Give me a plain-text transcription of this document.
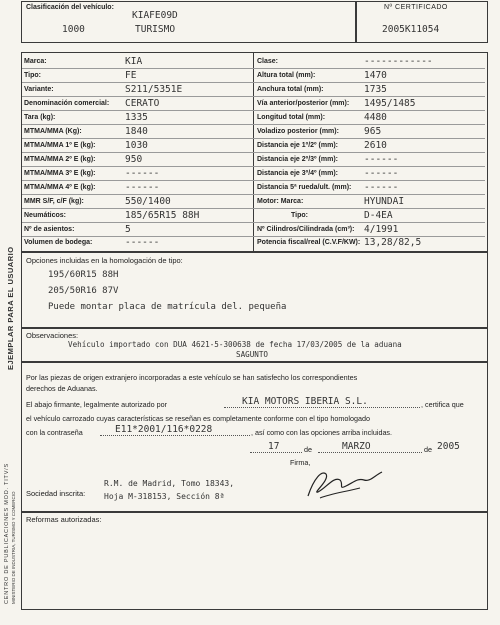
Clasificación del vehículo:
KIAFE09D
1000	TURISMO
Nº CERTIFICADO
2005K11054
Marca:	KIA
Tipo:	FE
Variante:	S211/5351E
Denominación comercial: CERATO
Tara (kg):	1335
MTMA/MMA (Kg):	1840
MTMA/MMA 1º E (kg):	1030
MTMA/MMA 2º E (kg):	950
MTMA/MMA 3º E (kg):	------
MTMA/MMA 4º E (kg):	------
MMR S/F, c/F (kg):	550/1400
Neumáticos:	185/65R15 88H
Nº de asientos:	5
Volumen de bodega:	------
Clase:	------------
Altura total (mm):	1470
Anchura total (mm):	1735
Vía anterior/posterior (mm): 1495/1485
Longitud total (mm):	4480
Voladizo posterior (mm):	965
Distancia eje 1º/2º (mm):	2610
Distancia eje 2º/3º (mm):	------
Distancia eje 3º/4º (mm):	------
Distancia 5ª rueda/ult. (mm): ------
Motor: Marca:	HYUNDAI
Tipo:	D-4EA
Nº Cilindros/Cilindrada (cm³): 4/1991
Potencia fiscal/real (C.V.F/KW): 13,28/82,5
Opciones incluidas en la homologación de tipo:
195/60R15 88H
205/50R16 87V
Puede montar placa de matrícula del. pequeña
Observaciones:
Vehículo importado con DUA 4621-5-300638 de fecha 17/03/2005 de la aduana
SAGUNTO
Por las piezas de origen extranjero incorporadas a este vehículo se han satisfecho los correspondientes
derechos de Aduanas.
El abajo firmante, legalmente autorizado por	KIA MOTORS IBERIA S.L.	, certifica que
el vehículo carrozado cuyas características se reseñan es completamente conforme con el tipo homologado
con la contraseña	E11*2001/116*0228	, así como con las opciones arriba incluidas.
17	de	MARZO	de 2005
Firma,
Sociedad inscrita:
R.M. de Madrid, Tomo 18343,
Hoja M-318153, Sección 8ª
Reformas autorizadas:
EJEMPLAR PARA EL USUARIO
CENTRO DE PUBLICACIONES MOD. TITV/S MINISTERIO DE INDUSTRIA, TURISMO Y COMERCIO
